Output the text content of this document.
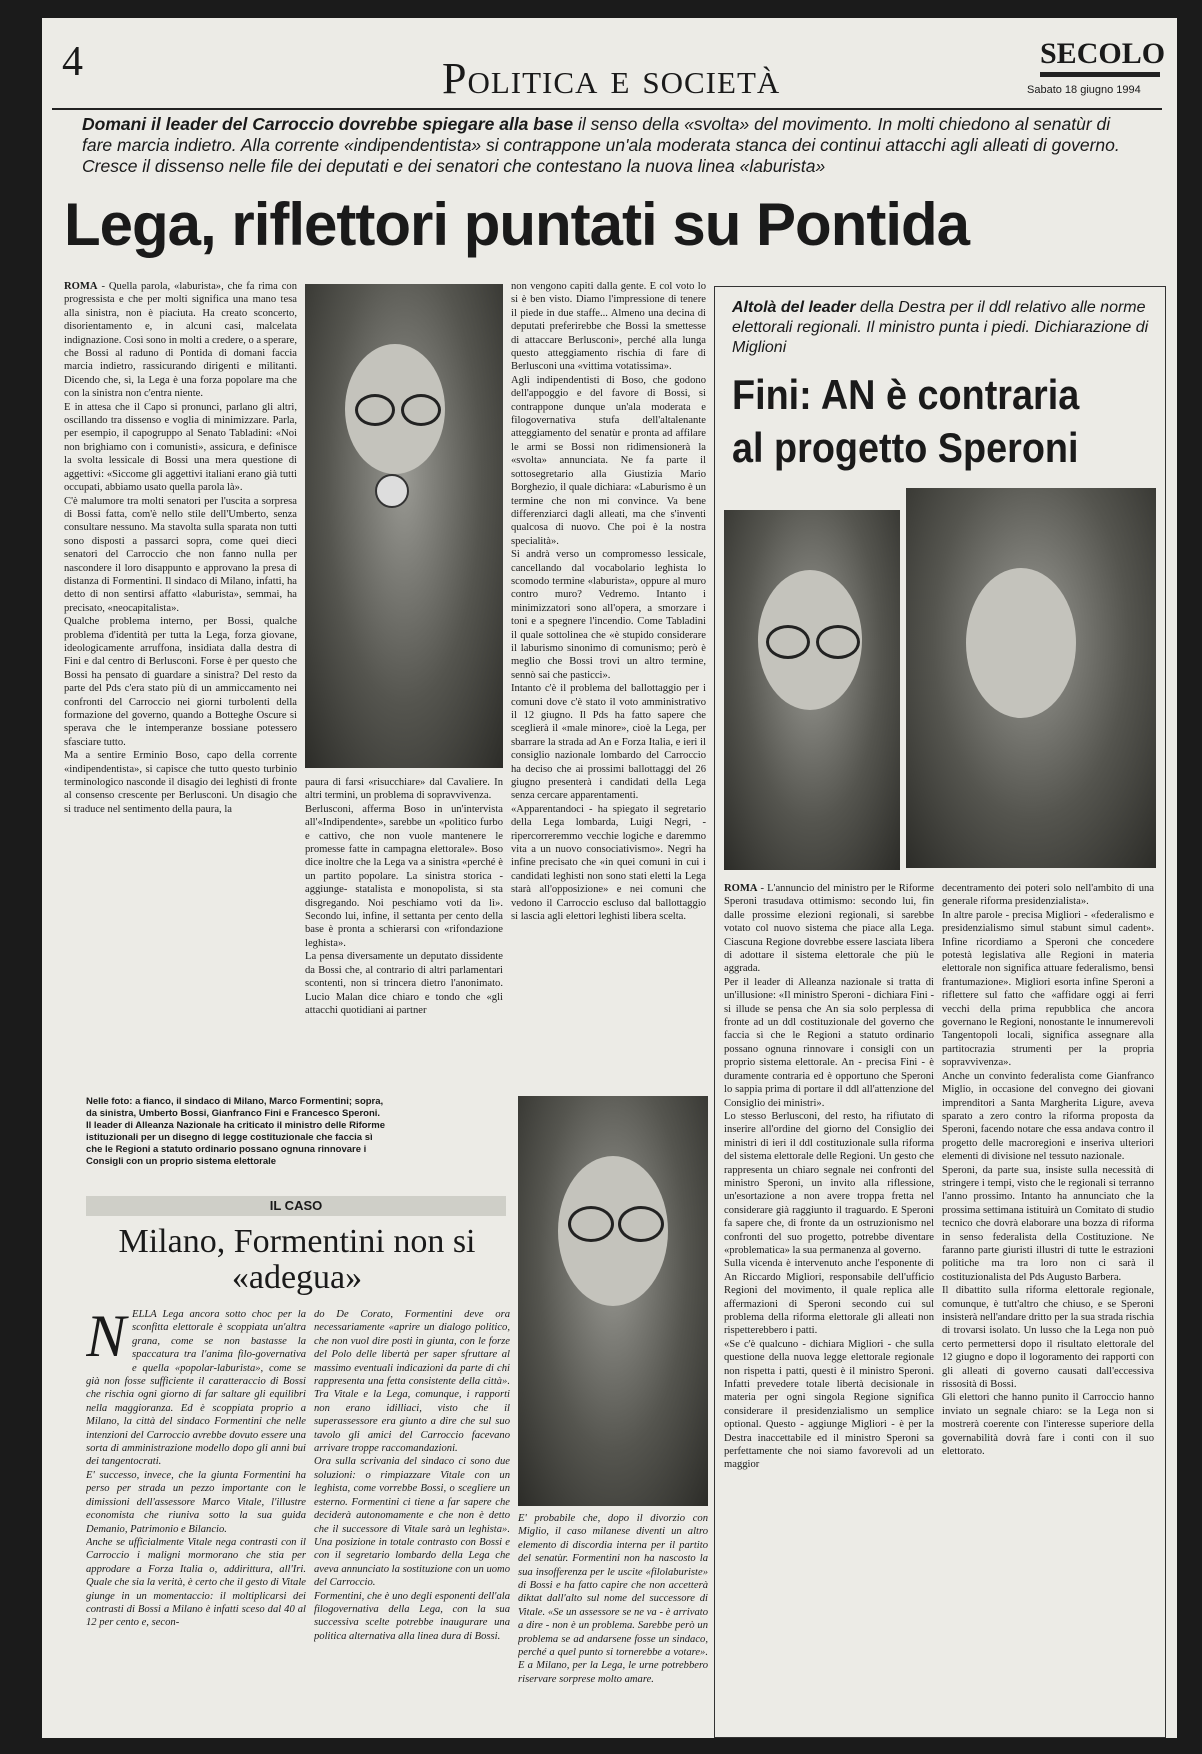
4	Politica e società
SECOLO
Sabato 18 giugno 1994
Domani il leader del Carroccio dovrebbe spiegare alla base il senso della «svolta» del movimento. In molti chiedono al senatùr di fare marcia indietro. Alla corrente «indipendentista» si contrappone un'ala moderata stanca dei continui attacchi agli alleati di governo. Cresce il dissenso nelle file dei deputati e dei senatori che contestano la nuova linea «laburista»
Lega, riflettori puntati su Pontida
ROMA - Quella parola, «laburista», che fa rima con progressista e che per molti significa una mano tesa alla sinistra, non è piaciuta. Ha creato sconcerto, disorientamento e, in alcuni casi, malcelata indignazione. Così sono in molti a credere, o a sperare, che Bossi al raduno di Pontida di domani faccia marcia indietro, rassicurando dirigenti e militanti. Dicendo che, sì, la Lega è una forza popolare ma che con la sinistra non c'entra niente.
E in attesa che il Capo si pronunci, parlano gli altri, oscillando tra dissenso e voglia di minimizzare. Parla, per esempio, il capogruppo al Senato Tabladini: «Noi non brighiamo con i comunisti», assicura, e definisce la svolta lessicale di Bossi una mera questione di aggettivi: «Siccome gli aggettivi italiani erano già tutti occupati, abbiamo usato quella parola là».
C'è malumore tra molti senatori per l'uscita a sorpresa di Bossi fatta, com'è nello stile dell'Umberto, senza consultare nessuno. Ma stavolta sulla sparata non tutti sono disposti a passarci sopra, come quei dieci senatori del Carroccio che non fanno nulla per nascondere il loro disappunto e approvano la presa di distanza di Formentini. Il sindaco di Milano, infatti, ha detto di non sentirsi affatto «laburista», semmai, ha precisato, «neocapitalista».
Qualche problema interno, per Bossi, qualche problema d'identità per tutta la Lega, forza giovane, ideologicamente arruffona, insidiata dalla destra di Fini e dal centro di Berlusconi. Forse è per questo che Bossi ha pensato di guardare a sinistra? Del resto da parte del Pds c'era stato più di un ammiccamento nei confronti del Carroccio nei giorni turbolenti della formazione del governo, quando a Botteghe Oscure si sperava che le intemperanze bossiane potessero sfasciare tutto.
Ma a sentire Erminio Boso, capo della corrente «indipendentista», si capisce che tutto questo turbinio terminologico nasconde il disagio dei leghisti di fronte al consenso crescente per Berlusconi. Un disagio che si traduce nel sentimento della paura, la
paura di farsi «risucchiare» dal Cavaliere. In altri termini, un problema di sopravvivenza.
Berlusconi, afferma Boso in un'intervista all'«Indipendente», sarebbe un «politico furbo e cattivo, che non vuole mantenere le promesse fatte in campagna elettorale». Boso dice inoltre che la Lega va a sinistra «perché è un partito popolare. La sinistra storica -aggiunge- statalista e monopolista, si sta disgregando. Noi peschiamo voti da lì». Secondo lui, infine, il settanta per cento della base è pronta a schierarsi con «rifondazione leghista».
La pensa diversamente un deputato dissidente da Bossi che, al contrario di altri parlamentari scontenti, non si trincera dietro l'anonimato. Lucio Malan dice chiaro e tondo che «gli attacchi quotidiani ai partner
non vengono capiti dalla gente. E col voto lo si è ben visto. Diamo l'impressione di tenere il piede in due staffe... Almeno una decina di deputati preferirebbe che Bossi la smettesse di attaccare Berlusconi», perché alla lunga questo atteggiamento rischia di fare di Berlusconi una «vittima votatissima».
Agli indipendentisti di Boso, che godono dell'appoggio e del favore di Bossi, si contrappone dunque un'ala moderata e filogovernativa stufa dell'altalenante atteggiamento del senatùr e pronta ad affilare le armi se Bossi non ridimensionerà la «svolta» annunciata. Ne fa parte il sottosegretario alla Giustizia Mario Borghezio, il quale dichiara: «Laburismo è un termine che non mi convince. Va bene differenziarci dagli alleati, ma che s'inventi qualcosa di nuovo. Che poi è la nostra specialità».
Si andrà verso un compromesso lessicale, cancellando dal vocabolario leghista lo scomodo termine «laburista», oppure al muro contro muro? Vedremo. Intanto i minimizzatori sono all'opera, a smorzare i toni e a spegnere l'incendio. Come Tabladini il quale sottolinea che «è stupido considerare il laburismo sinonimo di comunismo; però è meglio che Bossi trovi un altro termine, sennò sai che pasticci».
Intanto c'è il problema del ballottaggio per i comuni dove c'è stato il voto amministrativo il 12 giugno. Il Pds ha fatto sapere che sceglierà il «male minore», cioè la Lega, per sbarrare la strada ad An e Forza Italia, e ieri il consiglio nazionale lombardo del Carroccio ha deciso che ai prossimi ballottaggi del 26 giugno presenterà i candidati della Lega senza cercare apparentamenti.
«Apparentandoci - ha spiegato il segretario della Lega lombarda, Luigi Negri, - ripercorreremmo vecchie logiche e daremmo vita a un nuovo consociativismo». Negri ha infine precisato che «in quei comuni in cui i candidati leghisti non sono stati eletti la Lega starà all'opposizione» e nei comuni che vedono il Carroccio escluso dal ballottaggio si lascia agli elettori leghisti libera scelta.
Altolà del leader della Destra per il ddl relativo alle norme elettorali regionali. Il ministro punta i piedi. Dichiarazione di Miglioni
Fini: AN è contraria
al progetto Speroni
ROMA - L'annuncio del ministro per le Riforme Speroni trasudava ottimismo: secondo lui, fin dalle prossime elezioni regionali, si sarebbe votato col nuovo sistema che piace alla Lega. Ciascuna Regione dovrebbe essere lasciata libera di adottare il sistema elettorale che più le aggrada.
Per il leader di Alleanza nazionale si tratta di un'illusione: «Il ministro Speroni - dichiara Fini - si illude se pensa che An sia solo perplessa di fronte ad un ddl costituzionale del governo che faccia sì che le Regioni a statuto ordinario possano ognuna rinnovare i consigli con un proprio sistema elettorale. An - precisa Fini - è duramente contraria ed è opportuno che Speroni lo sappia prima di portare il ddl all'attenzione del Consiglio dei ministri».
Lo stesso Berlusconi, del resto, ha rifiutato di inserire all'ordine del giorno del Consiglio dei ministri di ieri il ddl costituzionale sulla riforma del sistema elettorale delle Regioni. Un gesto che rappresenta un chiaro segnale nei confronti del ministro Speroni, un invito alla riflessione, un'esortazione a non avere troppa fretta nel considerare già raggiunto il traguardo. E Speroni fa sapere che, di fronte da un ostruzionismo nel confronti del suo progetto, potrebbe diventare «problematica» la sua permanenza al governo.
Sulla vicenda è intervenuto anche l'esponente di An Riccardo Migliori, responsabile dell'ufficio Regioni del movimento, il quale replica alle affermazioni di Speroni secondo cui sul problema della riforma elettorale gli alleati non rispetterebbero i patti.
«Se c'è qualcuno - dichiara Migliori - che sulla questione della nuova legge elettorale regionale non rispetta i patti, questi è il ministro Speroni. Infatti prevedere totale libertà decisionale in materia per ogni singola Regione significa considerare il presidenzialismo un semplice optional. Questo - aggiunge Migliori - è per la Destra inaccettabile ed il ministro Speroni sa perfettamente che noi siamo favorevoli ad un maggior
decentramento dei poteri solo nell'ambito di una generale riforma presidenzialista».
In altre parole - precisa Migliori - «federalismo e presidenzialismo simul stabunt simul cadent». Infine ricordiamo a Speroni che concedere potestà legislativa alle Regioni in materia elettorale non significa attuare federalismo, bensì frantumazione». Migliori esorta infine Speroni a riflettere sul fatto che «affidare oggi ai ferri vecchi della prima repubblica che ancora governano le Regioni, nonostante le innumerevoli Tangentopoli locali, significa assegnare alla partitocrazia strumenti per la propria sopravvivenza».
Anche un convinto federalista come Gianfranco Miglio, in occasione del convegno dei giovani imprenditori a Santa Margherita Ligure, aveva sparato a zero contro la riforma proposta da Speroni, facendo notare che essa andava contro il progetto delle macroregioni e inseriva ulteriori elementi di divisione nel tessuto nazionale.
Speroni, da parte sua, insiste sulla necessità di stringere i tempi, visto che le regionali si terranno l'anno prossimo. Intanto ha annunciato che la prossima settimana istituirà un Comitato di studio tecnico che dovrà elaborare una bozza di riforma in senso federalista della Costituzione. Ne faranno parte giuristi illustri di tutte le estrazioni politiche ma tra loro non ci sarà il costituzionalista del Pds Augusto Barbera.
Il dibattito sulla riforma elettorale regionale, comunque, è tutt'altro che chiuso, e se Speroni insisterà nell'andare dritto per la sua strada rischia di trovarsi isolato. Un lusso che la Lega non può certo permettersi dopo il risultato elettorale del 12 giugno e dopo il logoramento dei rapporti con gli alleati di governo causati dall'eccessiva rissosità di Bossi.
Gli elettori che hanno punito il Carroccio hanno inviato un segnale chiaro: se la Lega non si mostrerà coerente con l'interesse superiore della governabilità dovrà fare i conti con il suo elettorato.
Nelle foto: a fianco, il sindaco di Milano, Marco Formentini; sopra, da sinistra, Umberto Bossi, Gianfranco Fini e Francesco Speroni. Il leader di Alleanza Nazionale ha criticato il ministro delle Riforme istituzionali per un disegno di legge costituzionale che faccia sì che le Regioni a statuto ordinario possano ognuna rinnovare i Consigli con un proprio sistema elettorale
IL CASO
Milano, Formentini non si «adegua»
NELLA Lega ancora sotto choc per la sconfitta elettorale è scoppiata un'altra grana, come se non bastasse la spaccatura tra l'anima filo-governativa e quella «popolar-laburista», come se già non fosse sufficiente il caratteraccio di Bossi che rischia ogni giorno di far saltare gli equilibri nella maggioranza. Ed è scoppiata proprio a Milano, la città del sindaco Formentini che nelle intenzioni del Carroccio avrebbe dovuto essere una sorta di amministrazione modello dopo gli anni bui dei tangentocrati.
E' successo, invece, che la giunta Formentini ha perso per strada un pezzo importante con le dimissioni dell'assessore Marco Vitale, l'illustre economista che riuniva sotto la sua guida Demanio, Patrimonio e Bilancio.
Anche se ufficialmente Vitale nega contrasti con il Carroccio i maligni mormorano che stia per approdare a Forza Italia o, addirittura, all'Iri. Quale che sia la verità, è certo che il gesto di Vitale giunge in un momentaccio: il moltiplicarsi dei contrasti di Bossi a Milano è infatti sceso dal 40 al 12 per cento e, secon-
do De Corato, Formentini deve ora necessariamente «aprire un dialogo politico, che non vuol dire posti in giunta, con le forze del Polo delle libertà per saper sfruttare al massimo eventuali indicazioni da parte di chi rappresenta una fetta consistente della città». Tra Vitale e la Lega, comunque, i rapporti non erano idilliaci, visto che il superassessore era giunto a dire che sul suo tavolo gli amici del Carroccio facevano arrivare troppe raccomandazioni.
Ora sulla scrivania del sindaco ci sono due soluzioni: o rimpiazzare Vitale con un leghista, come vorrebbe Bossi, o scegliere un esterno. Formentini ci tiene a far sapere che deciderà autonomamente e che non è detto che il successore di Vitale sarà un leghista». Una posizione in totale contrasto con Bossi e con il segretario lombardo della Lega che aveva annunciato la sostituzione con un uomo del Carroccio.
Formentini, che è uno degli esponenti dell'ala filogovernativa della Lega, con la sua successiva scelte potrebbe inaugurare una politica alternativa alla linea dura di Bossi.
E' probabile che, dopo il divorzio con Miglio, il caso milanese diventi un altro elemento di discordia interna per il partito del senatùr. Formentini non ha nascosto la sua insofferenza per le uscite «filolaburiste» di Bossi e ha fatto capire che non accetterà diktat dall'alto sul nome del successore di Vitale. «Se un assessore se ne va - è arrivato a dire - non è un problema. Sarebbe però un problema se ad andarsene fosse un sindaco, perché a quel punto si tornerebbe a votare». E a Milano, per la Lega, le urne potrebbero riservare sorprese molto amare.
